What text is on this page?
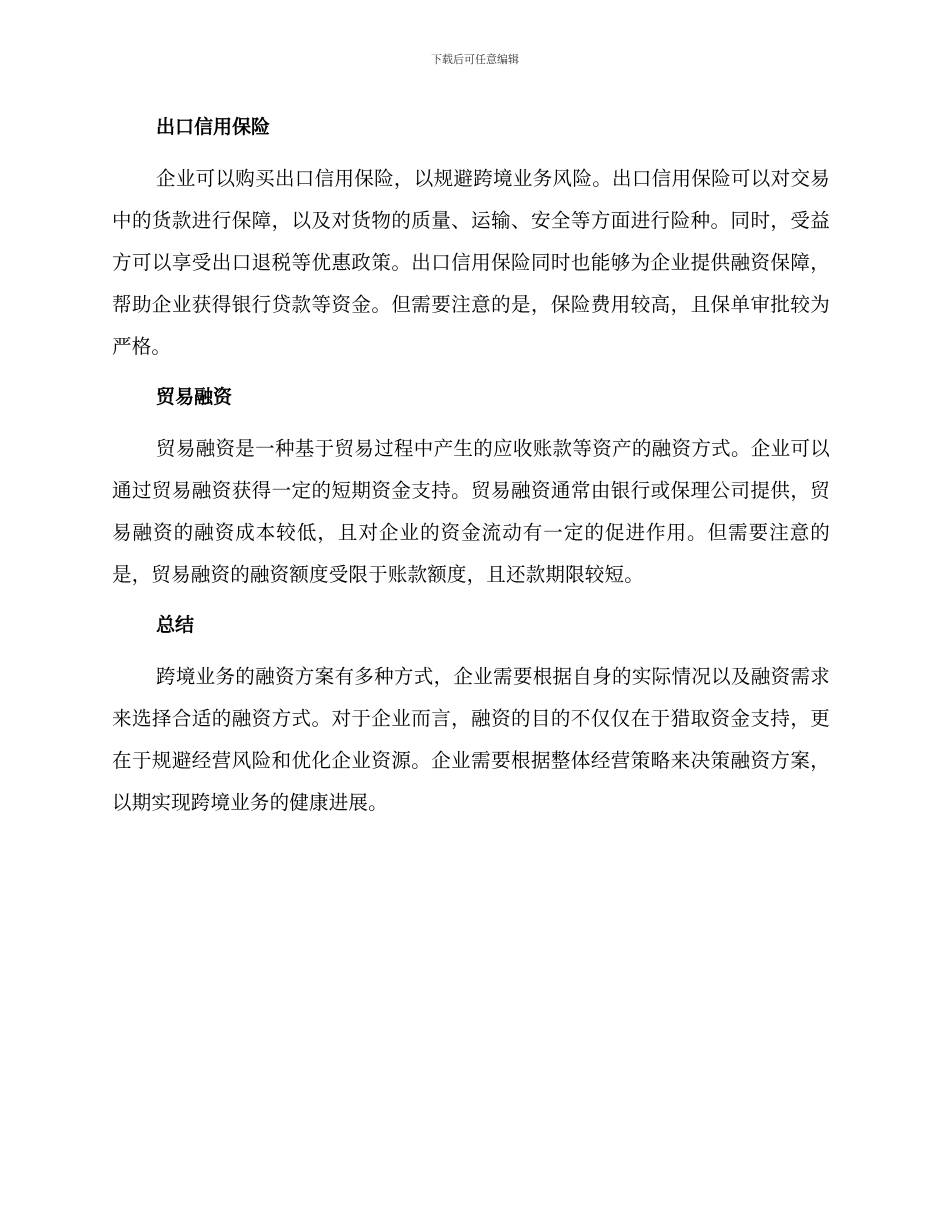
下载后可任意编辑
出口信用保险

企业可以购买出口信用保险，以规避跨境业务风险。出口信用保险可以对交易中的货款进行保障，以及对货物的质量、运输、安全等方面进行险种。同时，受益方可以享受出口退税等优惠政策。出口信用保险同时也能够为企业提供融资保障，帮助企业获得银行贷款等资金。但需要注意的是，保险费用较高，且保单审批较为严格。

贸易融资

贸易融资是一种基于贸易过程中产生的应收账款等资产的融资方式。企业可以通过贸易融资获得一定的短期资金支持。贸易融资通常由银行或保理公司提供，贸易融资的融资成本较低，且对企业的资金流动有一定的促进作用。但需要注意的是，贸易融资的融资额度受限于账款额度，且还款期限较短。

总结

跨境业务的融资方案有多种方式，企业需要根据自身的实际情况以及融资需求来选择合适的融资方式。对于企业而言，融资的目的不仅仅在于猎取资金支持，更在于规避经营风险和优化企业资源。企业需要根据整体经营策略来决策融资方案，以期实现跨境业务的健康进展。
